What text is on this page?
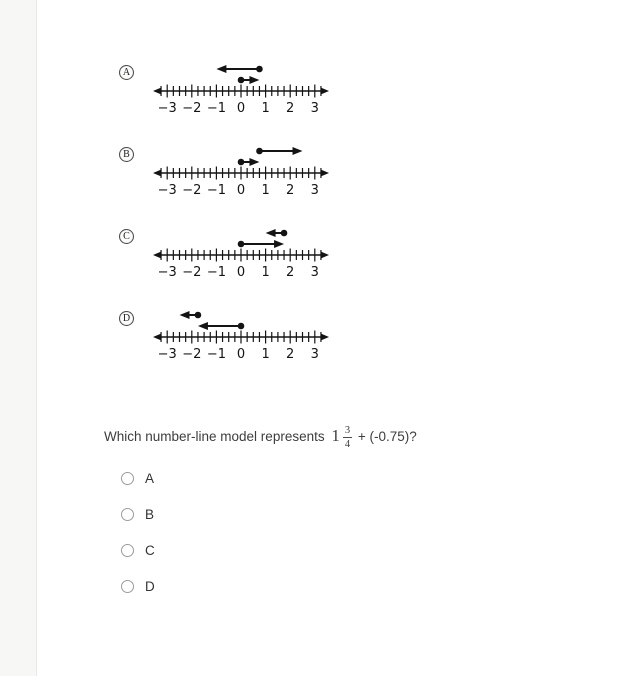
A
−3 −2 −1 0 1 2 3
B
−3 −2 −1 0 1 2 3
C
−3 −2 −1 0 1 2 3
D
−3 −2 −1 0 1 2 3

Which number-line model represents $1 \frac{3}{4} + (-0.75)$?

A
B
C
D
